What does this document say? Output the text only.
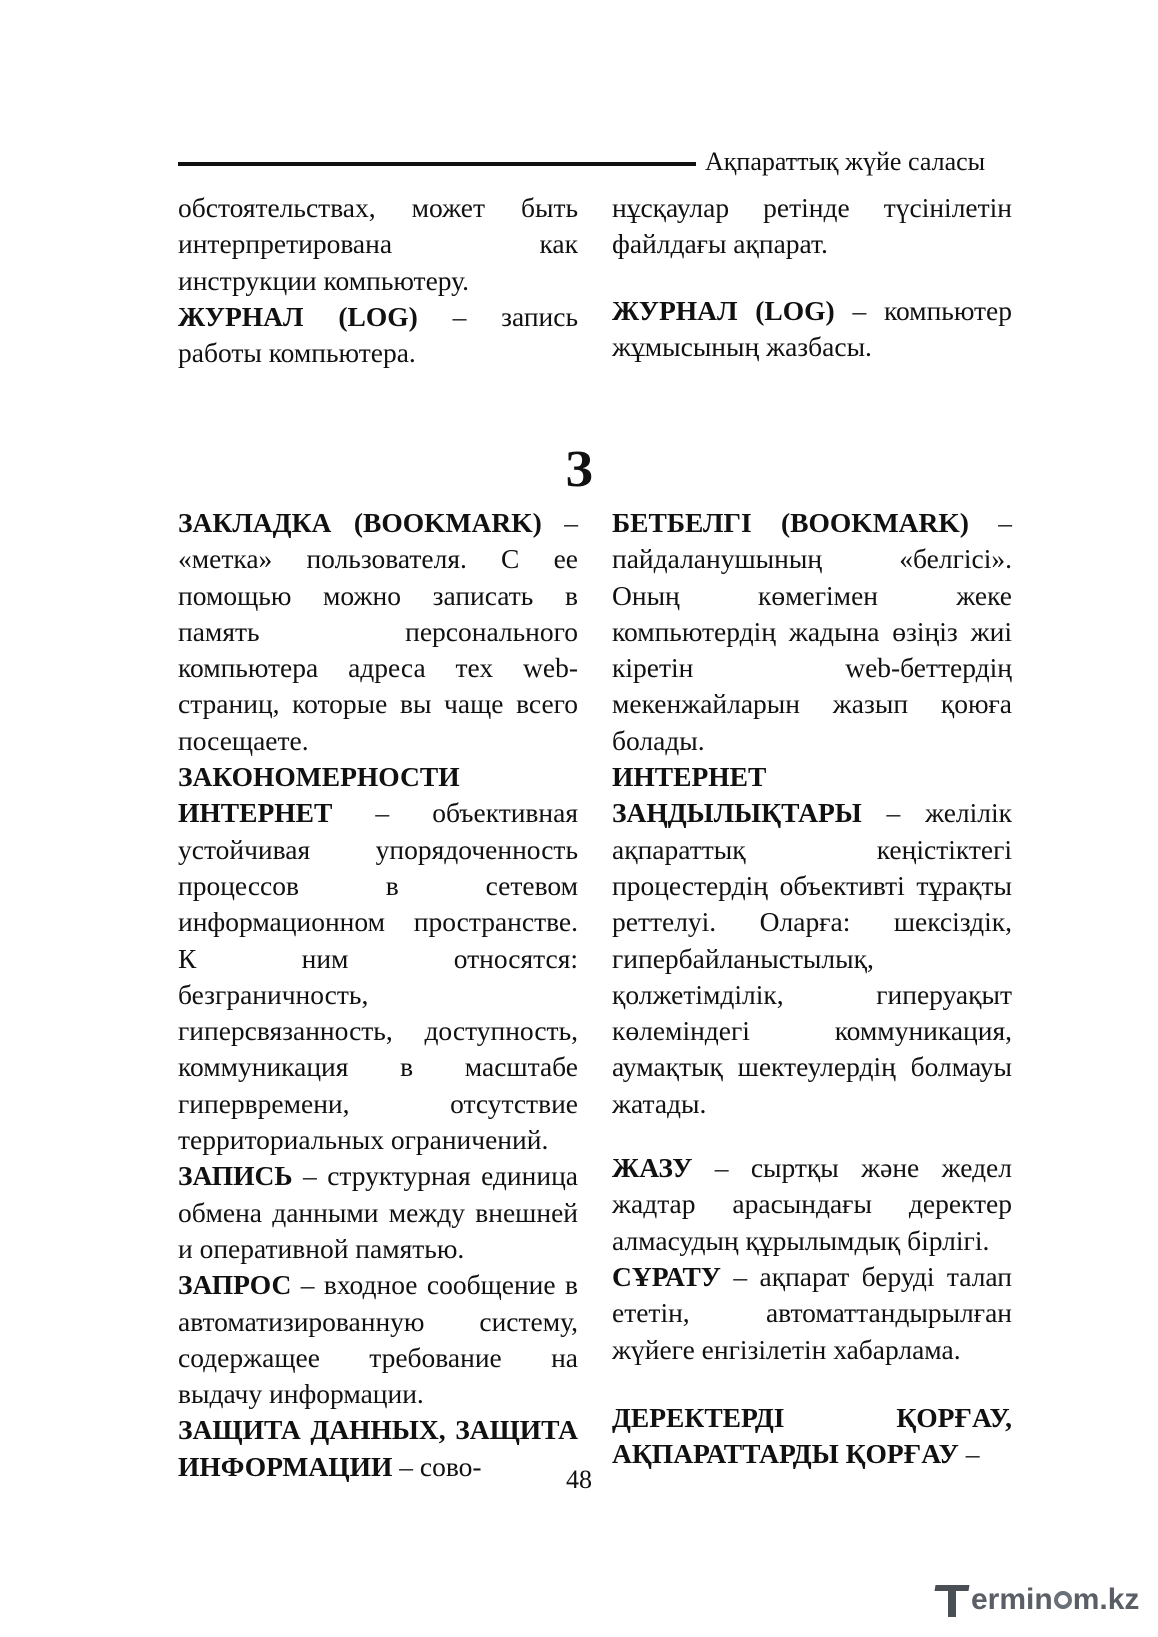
Ақпараттық жүйе саласы

обстоятельствах, может быть интерпретирована как инструкции компьютеру.

ЖУРНАЛ (LOG) – запись работы компьютера.

нұсқаулар ретінде түсінілетін файлдағы ақпарат.

ЖУРНАЛ (LOG) – компьютер жұмысының жазбасы.

З

ЗАКЛАДКА (BOOKMARK) – «метка» пользователя. С ее помощью можно записать в память персонального компьютера адреса тех web-страниц, которые вы чаще всего посещаете.

ЗАКОНОМЕРНОСТИ ИНТЕРНЕТ – объективная устойчивая упорядоченность процессов в сетевом информационном пространстве. К ним относятся: безграничность, гиперсвязанность, доступность, коммуникация в масштабе гипервремени, отсутствие территориальных ограничений.

ЗАПИСЬ – структурная единица обмена данными между внешней и оперативной памятью.

ЗАПРОС – входное сообщение в автоматизированную систему, содержащее требование на выдачу информации.

ЗАЩИТА ДАННЫХ, ЗАЩИТА ИНФОРМАЦИИ – сово-

БЕТБЕЛГІ (BOOKMARK) – пайдаланушының «белгісі». Оның көмегімен жеке компьютердің жадына өзіңіз жиі кіретін web-беттердің мекенжайларын жазып қоюға болады.

ИНТЕРНЕТ ЗАҢДЫЛЫҚТАРЫ – желілік ақпараттық кеңістіктегі процестердің объективті тұрақты реттелуі. Оларға: шексіздік, гипербайланыстылық, қолжетімділік, гиперуақыт көлеміндегі коммуникация, аумақтық шектеулердің болмауы жатады.

ЖАЗУ – сыртқы және жедел жадтар арасындағы деректер алмасудың құрылымдық бірлігі.

СҰРАТУ – ақпарат беруді талап ететін, автоматтандырылған жүйеге енгізілетін хабарлама.

ДЕРЕКТЕРДІ ҚОРҒАУ, АҚПАРАТТАРДЫ ҚОРҒАУ –

48
ermin m.kz
